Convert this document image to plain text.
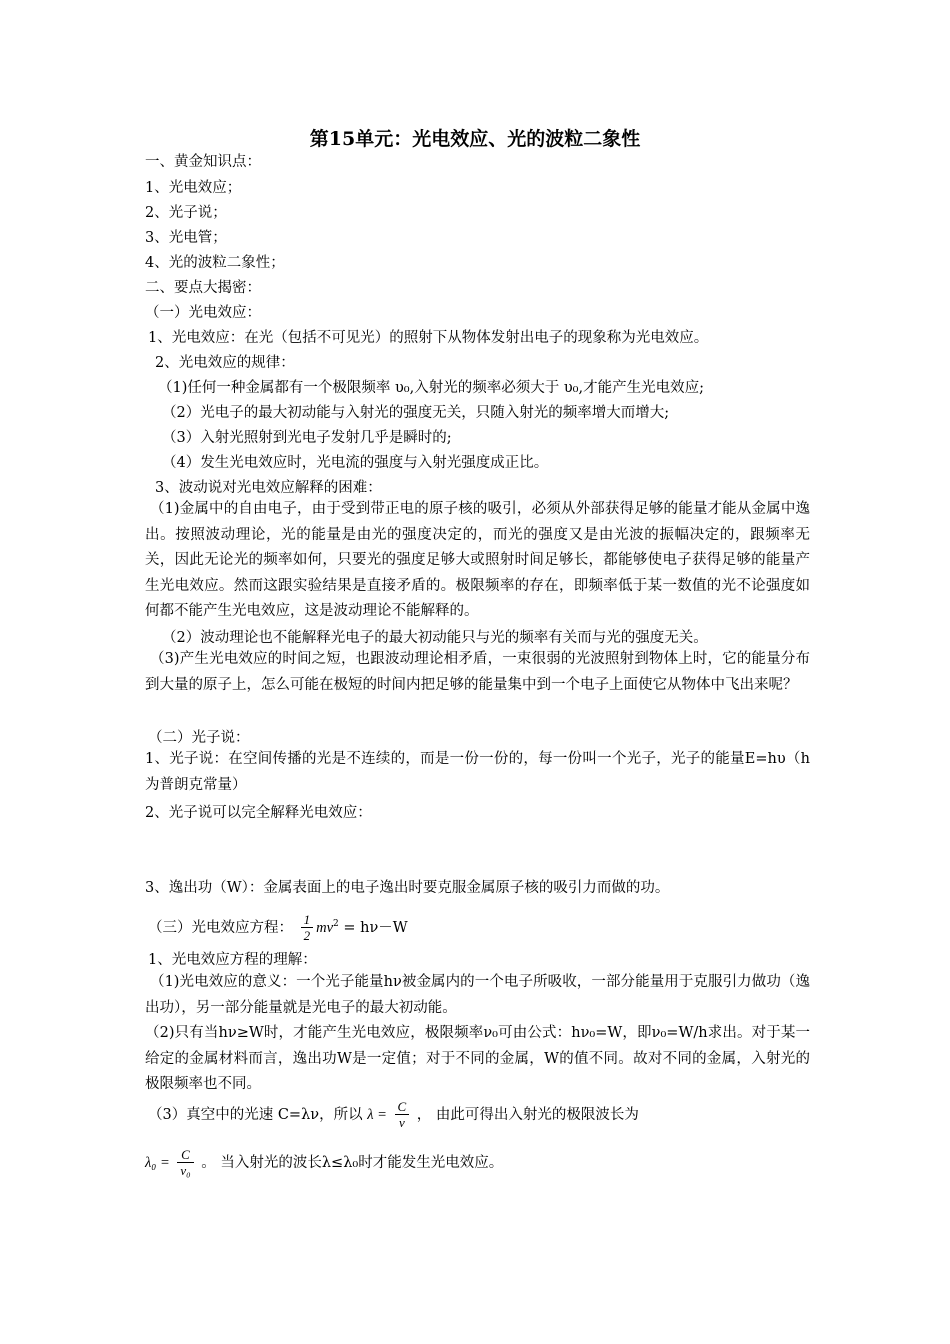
第15单元：光电效应、光的波粒二象性
一、黄金知识点：
1、光电效应；
2、光子说；
3、光电管；
4、光的波粒二象性；
二、要点大揭密：
（一）光电效应：
1、光电效应：在光（包括不可见光）的照射下从物体发射出电子的现象称为光电效应。
2、光电效应的规律：
（1)任何一种金属都有一个极限频率 υ₀,入射光的频率必须大于 υ₀,才能产生光电效应;
（2）光电子的最大初动能与入射光的强度无关，只随入射光的频率增大而增大;
（3）入射光照射到光电子发射几乎是瞬时的;
（4）发生光电效应时，光电流的强度与入射光强度成正比。
3、波动说对光电效应解释的困难：
（1)金属中的自由电子，由于受到带正电的原子核的吸引，必须从外部获得足够的能量才能从金属中逸出。按照波动理论，光的能量是由光的强度决定的，而光的强度又是由光波的振幅决定的，跟频率无关，因此无论光的频率如何，只要光的强度足够大或照射时间足够长，都能够使电子获得足够的能量产生光电效应。然而这跟实验结果是直接矛盾的。极限频率的存在，即频率低于某一数值的光不论强度如何都不能产生光电效应，这是波动理论不能解释的。
（2）波动理论也不能解释光电子的最大初动能只与光的频率有关而与光的强度无关。
（3)产生光电效应的时间之短，也跟波动理论相矛盾，一束很弱的光波照射到物体上时，它的能量分布到大量的原子上，怎么可能在极短的时间内把足够的能量集中到一个电子上面使它从物体中飞出来呢？
（二）光子说：
1、光子说：在空间传播的光是不连续的，而是一份一份的，每一份叫一个光子，光子的能量E=hυ（h为普朗克常量）
2、光子说可以完全解释光电效应：
3、逸出功（W）：金属表面上的电子逸出时要克服金属原子核的吸引力而做的功。
（三）光电效应方程： $\frac{1}{2} mv^2 = h\nu-W$
1、光电效应方程的理解：
（1)光电效应的意义：一个光子能量hν被金属内的一个电子所吸收，一部分能量用于克服引力做功（逸出功），另一部分能量就是光电子的最大初动能。
（2)只有当hν≥W时，才能产生光电效应，极限频率ν₀可由公式：hν₀=W，即ν₀=W/h求出。对于某一给定的金属材料而言，逸出功W是一定值；对于不同的金属，W的值不同。故对不同的金属，入射光的极限频率也不同。
（3）真空中的光速 C=λν，所以 $\lambda = \frac{C}{\nu}$ ， 由此可得出入射光的极限波长为
$\lambda_0 = \frac{C}{\text{ν₀}}$ 。 当入射光的波长λ≤λ₀时才能发生光电效应。
